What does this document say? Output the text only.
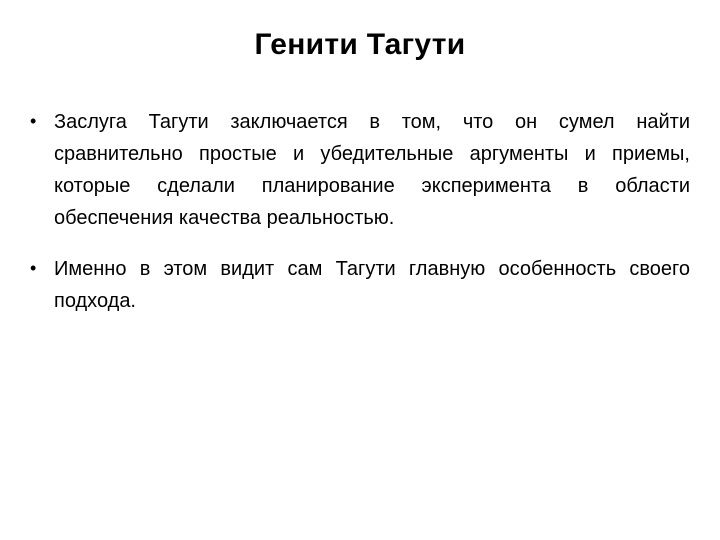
Генити Тагути
• Заслуга Тагути заключается в том, что он сумел найти сравнительно простые и убедительные аргументы и приемы, которые сделали планирование эксперимента в области обеспечения качества реальностью.
• Именно в этом видит сам Тагути главную особенность своего подхода.
